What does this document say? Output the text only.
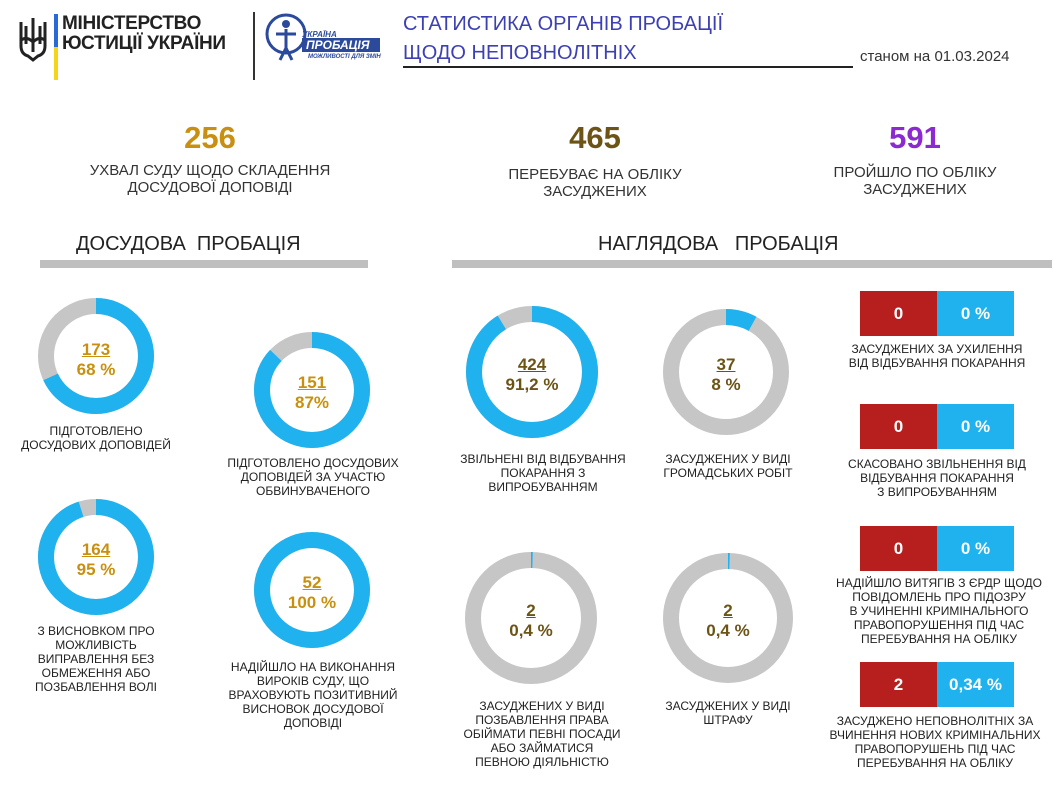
МІНІСТЕРСТВО
ЮСТИЦІЇ УКРАЇНИ	УКРАЇНА
ПРОБАЦІЯ
МОЖЛИВОСТІ ДЛЯ ЗМІН
СТАТИСТИКА ОРГАНІВ ПРОБАЦІЇ
ЩОДО НЕПОВНОЛІТНІХ	станом на 01.03.2024
256
УХВАЛ СУДУ ЩОДО СКЛАДЕННЯ
ДОСУДОВОЇ ДОПОВІДІ
465
ПЕРЕБУВАЄ НА ОБЛІКУ
ЗАСУДЖЕНИХ
591
ПРОЙШЛО ПО ОБЛІКУ
ЗАСУДЖЕНИХ
ДОСУДОВА  ПРОБАЦІЯ	НАГЛЯДОВА   ПРОБАЦІЯ
173
68 %
151
87%
164
95 %
52
100 %
424
91,2 %
37
8 %
2
0,4 %
2
0,4 %
ПІДГОТОВЛЕНО
ДОСУДОВИХ ДОПОВІДЕЙ
ПІДГОТОВЛЕНО ДОСУДОВИХ
ДОПОВІДЕЙ ЗА УЧАСТЮ
ОБВИНУВАЧЕНОГО
З ВИСНОВКОМ ПРО
МОЖЛИВІСТЬ
ВИПРАВЛЕННЯ БЕЗ
ОБМЕЖЕННЯ АБО
ПОЗБАВЛЕННЯ ВОЛІ
НАДІЙШЛО НА ВИКОНАННЯ
ВИРОКІВ СУДУ, ЩО
ВРАХОВУЮТЬ ПОЗИТИВНИЙ
ВИСНОВОК ДОСУДОВОЇ
ДОПОВІДІ
ЗВІЛЬНЕНІ ВІД ВІДБУВАННЯ
ПОКАРАННЯ З
ВИПРОБУВАННЯМ
ЗАСУДЖЕНИХ У ВИДІ
ГРОМАДСЬКИХ РОБІТ
ЗАСУДЖЕНИХ У ВИДІ
ПОЗБАВЛЕННЯ ПРАВА
ОБІЙМАТИ ПЕВНІ ПОСАДИ
АБО ЗАЙМАТИСЯ
ПЕВНОЮ ДІЯЛЬНІСТЮ
ЗАСУДЖЕНИХ У ВИДІ
ШТРАФУ
0	0 %
ЗАСУДЖЕНИХ ЗА УХИЛЕННЯ
ВІД ВІДБУВАННЯ ПОКАРАННЯ
0	0 %
СКАСОВАНО ЗВІЛЬНЕННЯ ВІД
ВІДБУВАННЯ ПОКАРАННЯ
З ВИПРОБУВАННЯМ
0	0 %
НАДІЙШЛО ВИТЯГІВ З ЄРДР ЩОДО
ПОВІДОМЛЕНЬ ПРО ПІДОЗРУ
В УЧИНЕННІ КРИМІНАЛЬНОГО
ПРАВОПОРУШЕННЯ ПІД ЧАС
ПЕРЕБУВАННЯ НА ОБЛІКУ
2	0,34 %
ЗАСУДЖЕНО НЕПОВНОЛІТНІХ ЗА
ВЧИНЕННЯ НОВИХ КРИМІНАЛЬНИХ
ПРАВОПОРУШЕНЬ ПІД ЧАС
ПЕРЕБУВАННЯ НА ОБЛІКУ
